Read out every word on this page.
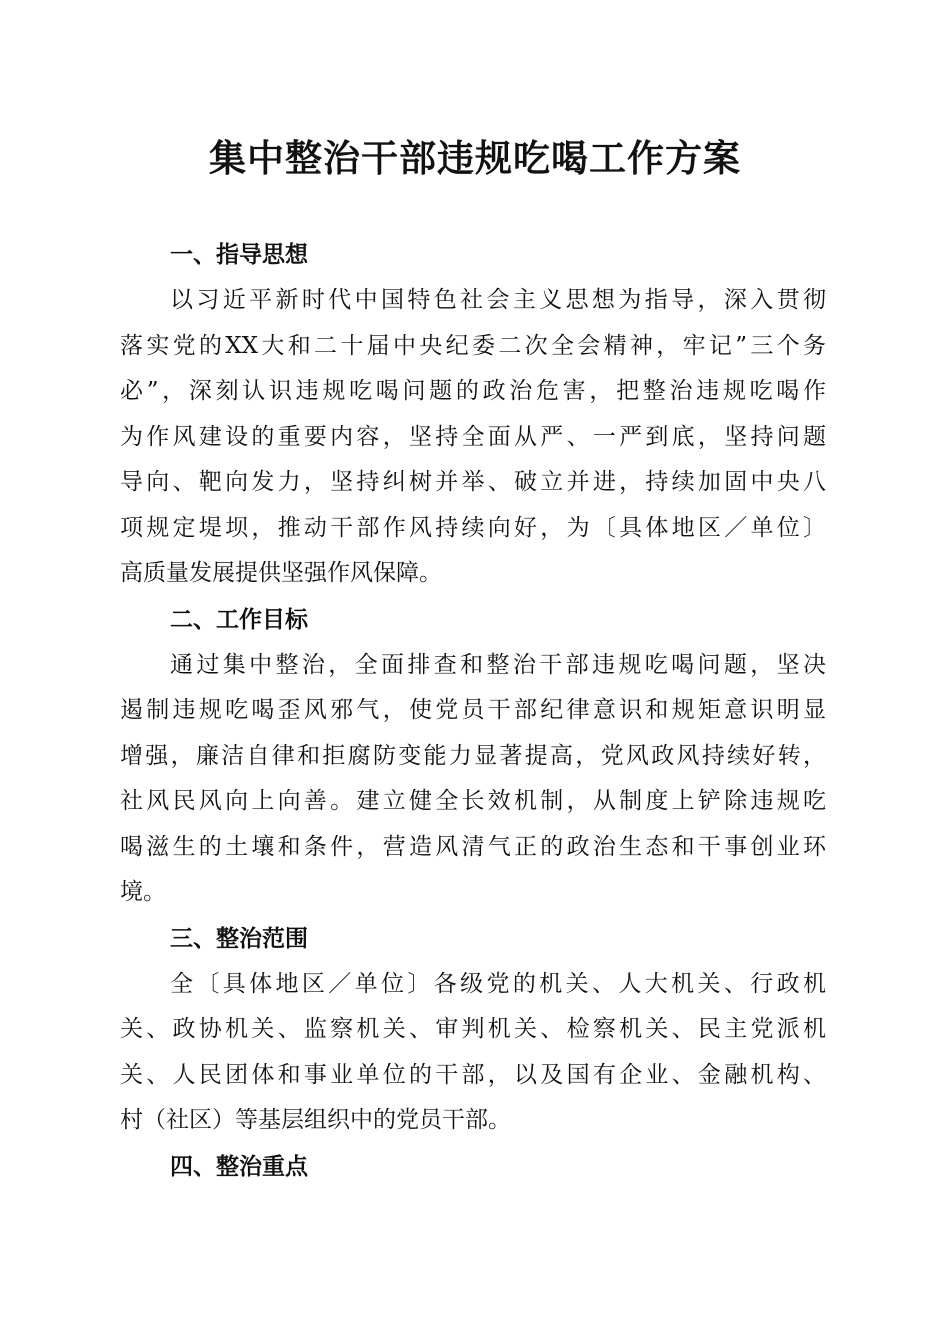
集中整治干部违规吃喝工作方案
一、指导思想

以习近平新时代中国特色社会主义思想为指导，深入贯彻
落实党的XX大和二十届中央纪委二次全会精神，牢记”三个务
必”，深刻认识违规吃喝问题的政治危害，把整治违规吃喝作
为作风建设的重要内容，坚持全面从严、一严到底，坚持问题
导向、靶向发力，坚持纠树并举、破立并进，持续加固中央八
项规定堤坝，推动干部作风持续向好，为〔具体地区／单位〕
高质量发展提供坚强作风保障。

二、工作目标

通过集中整治，全面排查和整治干部违规吃喝问题，坚决
遏制违规吃喝歪风邪气，使党员干部纪律意识和规矩意识明显
增强，廉洁自律和拒腐防变能力显著提高，党风政风持续好转，
社风民风向上向善。建立健全长效机制，从制度上铲除违规吃
喝滋生的土壤和条件，营造风清气正的政治生态和干事创业环
境。

三、整治范围

全〔具体地区／单位〕各级党的机关、人大机关、行政机
关、政协机关、监察机关、审判机关、检察机关、民主党派机
关、人民团体和事业单位的干部，以及国有企业、金融机构、
村（社区）等基层组织中的党员干部。

四、整治重点
